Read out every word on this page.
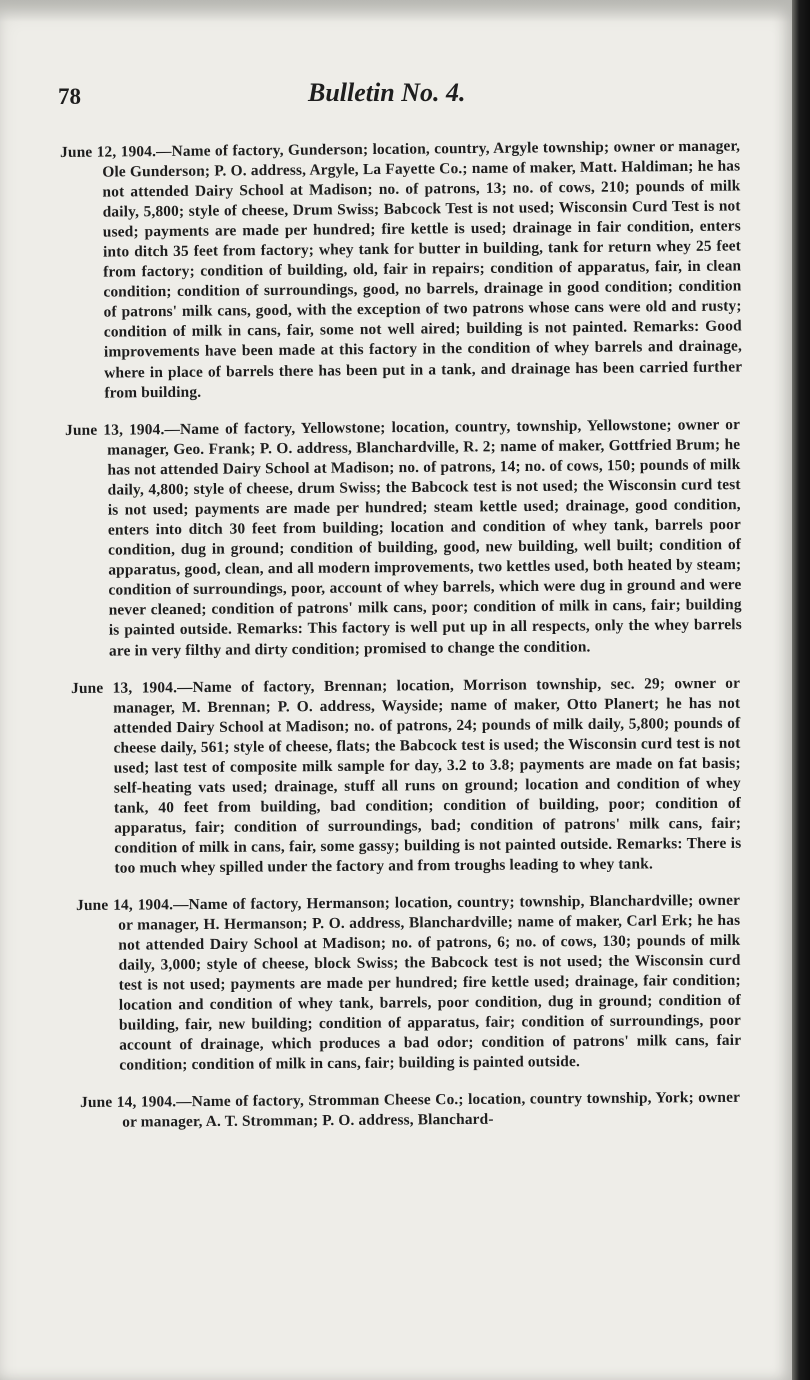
78	Bulletin No. 4.

June 12, 1904.—Name of factory, Gunderson; location, country, Argyle township; owner or manager, Ole Gunderson; P. O. address, Argyle, La Fayette Co.; name of maker, Matt. Haldiman; he has not attended Dairy School at Madison; no. of patrons, 13; no. of cows, 210; pounds of milk daily, 5,800; style of cheese, Drum Swiss; Babcock Test is not used; Wisconsin Curd Test is not used; payments are made per hundred; fire kettle is used; drainage in fair condition, enters into ditch 35 feet from factory; whey tank for butter in building, tank for return whey 25 feet from factory; condition of building, old, fair in repairs; condition of apparatus, fair, in clean condition; condition of surroundings, good, no barrels, drainage in good condition; condition of patrons' milk cans, good, with the exception of two patrons whose cans were old and rusty; condition of milk in cans, fair, some not well aired; building is not painted. Remarks: Good improvements have been made at this factory in the condition of whey barrels and drainage, where in place of barrels there has been put in a tank, and drainage has been carried further from building.

June 13, 1904.—Name of factory, Yellowstone; location, country, township, Yellowstone; owner or manager, Geo. Frank; P. O. address, Blanchardville, R. 2; name of maker, Gottfried Brum; he has not attended Dairy School at Madison; no. of patrons, 14; no. of cows, 150; pounds of milk daily, 4,800; style of cheese, drum Swiss; the Babcock test is not used; the Wisconsin curd test is not used; payments are made per hundred; steam kettle used; drainage, good condition, enters into ditch 30 feet from building; location and condition of whey tank, barrels poor condition, dug in ground; condition of building, good, new building, well built; condition of apparatus, good, clean, and all modern improvements, two kettles used, both heated by steam; condition of surroundings, poor, account of whey barrels, which were dug in ground and were never cleaned; condition of patrons' milk cans, poor; condition of milk in cans, fair; building is painted outside. Remarks: This factory is well put up in all respects, only the whey barrels are in very filthy and dirty condition; promised to change the condition.

June 13, 1904.—Name of factory, Brennan; location, Morrison township, sec. 29; owner or manager, M. Brennan; P. O. address, Wayside; name of maker, Otto Planert; he has not attended Dairy School at Madison; no. of patrons, 24; pounds of milk daily, 5,800; pounds of cheese daily, 561; style of cheese, flats; the Babcock test is used; the Wisconsin curd test is not used; last test of composite milk sample for day, 3.2 to 3.8; payments are made on fat basis; self-heating vats used; drainage, stuff all runs on ground; location and condition of whey tank, 40 feet from building, bad condition; condition of building, poor; condition of apparatus, fair; condition of surroundings, bad; condition of patrons' milk cans, fair; condition of milk in cans, fair, some gassy; building is not painted outside. Remarks: There is too much whey spilled under the factory and from troughs leading to whey tank.

June 14, 1904.—Name of factory, Hermanson; location, country; township, Blanchardville; owner or manager, H. Hermanson; P. O. address, Blanchardville; name of maker, Carl Erk; he has not attended Dairy School at Madison; no. of patrons, 6; no. of cows, 130; pounds of milk daily, 3,000; style of cheese, block Swiss; the Babcock test is not used; the Wisconsin curd test is not used; payments are made per hundred; fire kettle used; drainage, fair condition; location and condition of whey tank, barrels, poor condition, dug in ground; condition of building, fair, new building; condition of apparatus, fair; condition of surroundings, poor account of drainage, which produces a bad odor; condition of patrons' milk cans, fair condition; condition of milk in cans, fair; building is painted outside.

June 14, 1904.—Name of factory, Stromman Cheese Co.; location, country township, York; owner or manager, A. T. Stromman; P. O. address, Blanchard-
